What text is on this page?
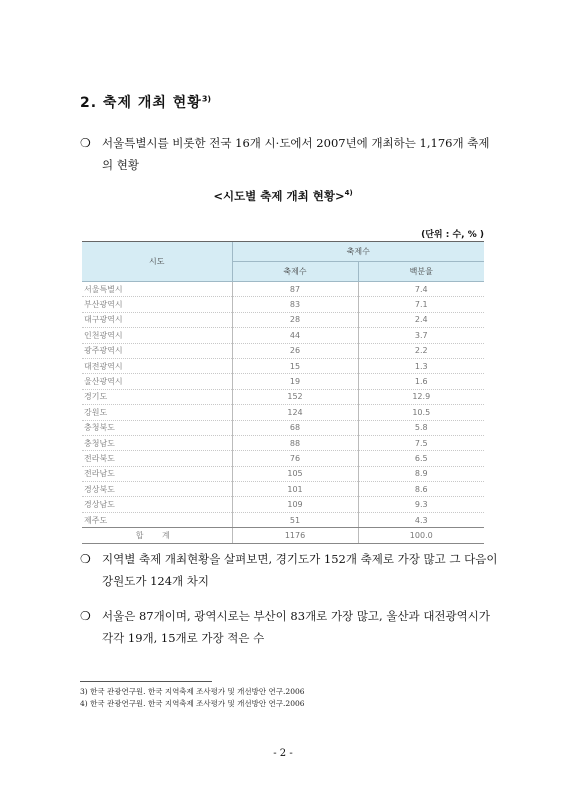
2. 축제 개최 현황$^{3)}$
❍ 서울특별시를 비롯한 전국 16개 시·도에서 2007년에 개최하는 1,176개 축제의 현황
<시도별 축제 개최 현황>$^{4)}$
(단위 : 수, % )
시도	축제수	
	축제수	백분율
서울특별시	87	7.4
부산광역시	83	7.1
대구광역시	28	2.4
인천광역시	44	3.7
광주광역시	26	2.2
대전광역시	15	1.3
울산광역시	19	1.6
경기도	152	12.9
강원도	124	10.5
충청북도	68	5.8
충청남도	88	7.5
전라북도	76	6.5
전라남도	105	8.9
경상북도	101	8.6
경상남도	109	9.3
제주도	51	4.3
합 계	1176	100.0
❍ 지역별 축제 개최현황을 살펴보면, 경기도가 152개 축제로 가장 많고 그 다음이 강원도가 124개 차지
❍ 서울은 87개이며, 광역시로는 부산이 83개로 가장 많고, 울산과 대전광역시가 각각 19개, 15개로 가장 적은 수
3) 한국 관광연구원. 한국 지역축제 조사평가 및 개선방안 연구.2006
4) 한국 관광연구원. 한국 지역축제 조사평가 및 개선방안 연구.2006
- 2 -
